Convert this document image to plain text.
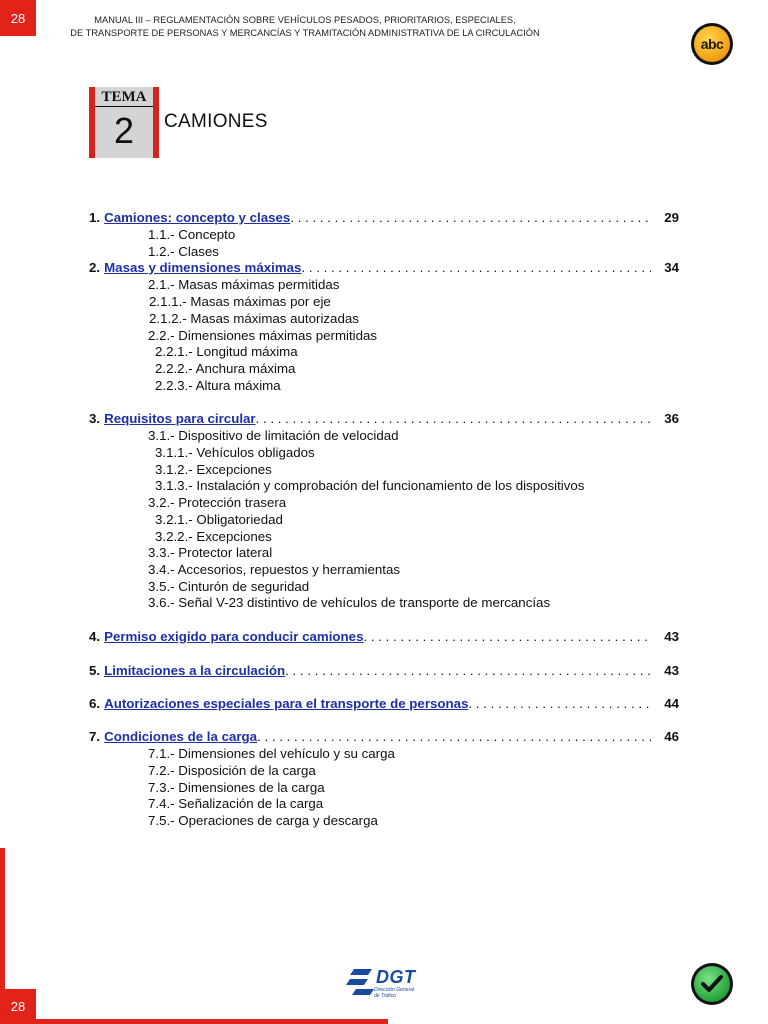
28	MANUAL III – REGLAMENTACIÓN SOBRE VEHÍCULOS PESADOS, PRIORITARIOS, ESPECIALES,
DE TRANSPORTE DE PERSONAS Y MERCANCÍAS Y TRAMITACIÓN ADMINISTRATIVA DE LA CIRCULACIÓN
abc
TEMA
2	CAMIONES
1. Camiones: concepto y clases . . .	29
1.1.- Concepto
1.2.- Clases
2. Masas y dimensiones máximas . . .	34
2.1.- Masas máximas permitidas
2.1.1.- Masas máximas por eje
2.1.2.- Masas máximas autorizadas
2.2.- Dimensiones máximas permitidas
2.2.1.- Longitud máxima
2.2.2.- Anchura máxima
2.2.3.- Altura máxima
3. Requisitos para circular . . .	36
3.1.- Dispositivo de limitación de velocidad
3.1.1.- Vehículos obligados
3.1.2.- Excepciones
3.1.3.- Instalación y comprobación del funcionamiento de los dispositivos
3.2.- Protección trasera
3.2.1.- Obligatoriedad
3.2.2.- Excepciones
3.3.- Protector lateral
3.4.- Accesorios, repuestos y herramientas
3.5.- Cinturón de seguridad
3.6.- Señal V-23 distintivo de vehículos de transporte de mercancías
4. Permiso exigido para conducir camiones . . .	43
5. Limitaciones a la circulación . . .	43
6. Autorizaciones especiales para el transporte de personas . . .	44
7. Condiciones de la carga . . .	46
7.1.- Dimensiones del vehículo y su carga
7.2.- Disposición de la carga
7.3.- Dimensiones de la carga
7.4.- Señalización de la carga
7.5.- Operaciones de carga y descarga
28
DGT
Dirección General
de Tráfico
